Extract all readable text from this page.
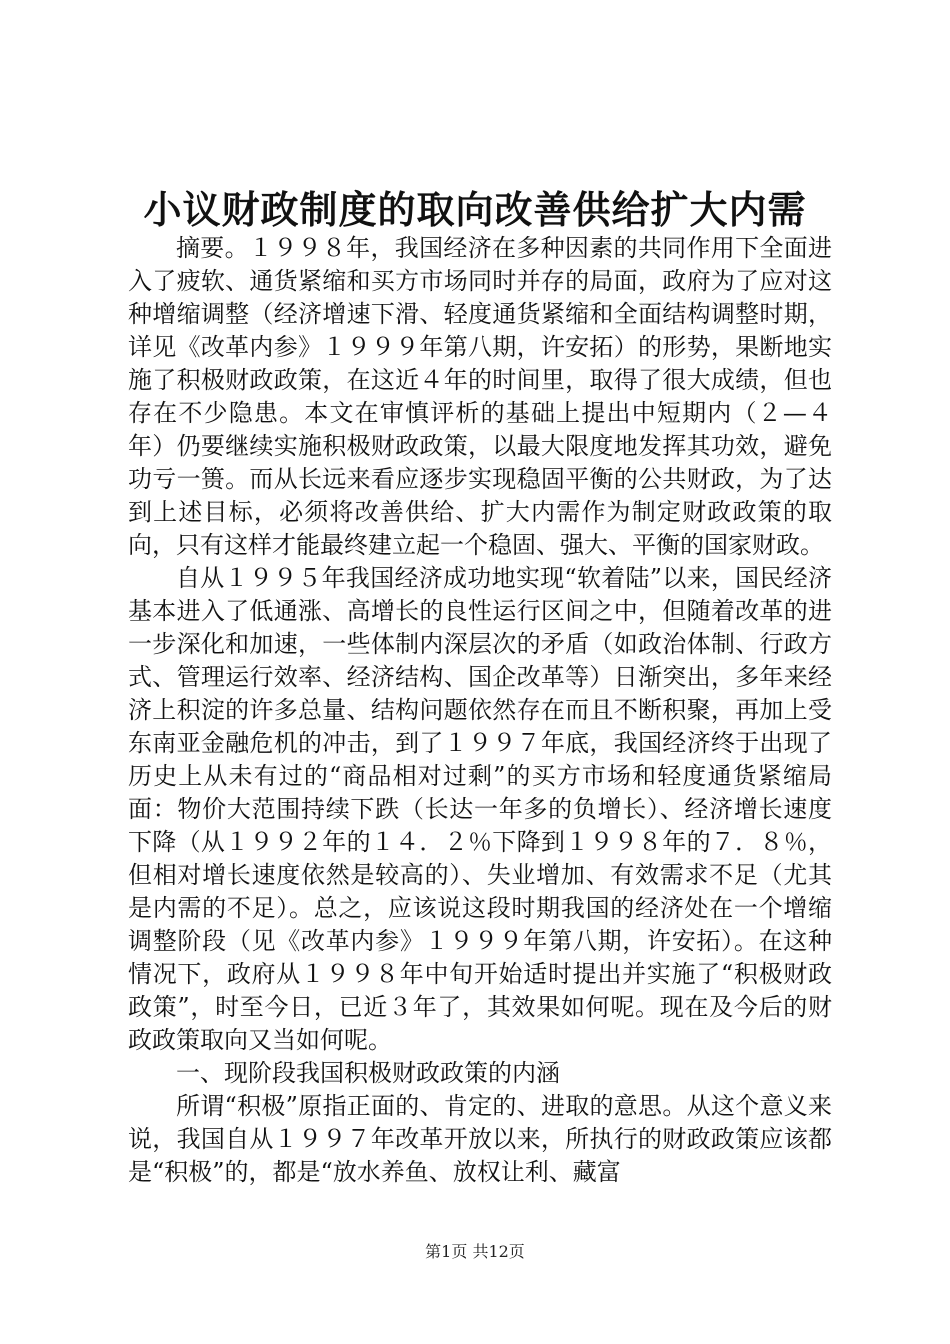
小议财政制度的取向改善供给扩大内需

摘要。１９９８年，我国经济在多种因素的共同作用下全面进入了疲软、通货紧缩和买方市场同时并存的局面，政府为了应对这种增缩调整（经济增速下滑、轻度通货紧缩和全面结构调整时期，详见《改革内参》１９９９年第八期，许安拓）的形势，果断地实施了积极财政政策，在这近４年的时间里，取得了很大成绩，但也存在不少隐患。本文在审慎评析的基础上提出中短期内（２—４年）仍要继续实施积极财政政策，以最大限度地发挥其功效，避免功亏一篑。而从长远来看应逐步实现稳固平衡的公共财政，为了达到上述目标，必须将改善供给、扩大内需作为制定财政政策的取向，只有这样才能最终建立起一个稳固、强大、平衡的国家财政。

自从１９９５年我国经济成功地实现“软着陆”以来，国民经济基本进入了低通涨、高增长的良性运行区间之中，但随着改革的进一步深化和加速，一些体制内深层次的矛盾（如政治体制、行政方式、管理运行效率、经济结构、国企改革等）日渐突出，多年来经济上积淀的许多总量、结构问题依然存在而且不断积聚，再加上受东南亚金融危机的冲击，到了１９９７年底，我国经济终于出现了历史上从未有过的“商品相对过剩”的买方市场和轻度通货紧缩局面：物价大范围持续下跌（长达一年多的负增长）、经济增长速度下降（从１９９２年的１４．２％下降到１９９８年的７．８％，但相对增长速度依然是较高的）、失业增加、有效需求不足（尤其是内需的不足）。总之，应该说这段时期我国的经济处在一个增缩调整阶段（见《改革内参》１９９９年第八期，许安拓）。在这种情况下，政府从１９９８年中旬开始适时提出并实施了“积极财政政策”，时至今日，已近３年了，其效果如何呢。现在及今后的财政政策取向又当如何呢。

一、现阶段我国积极财政政策的内涵

所谓“积极”原指正面的、肯定的、进取的意思。从这个意义来说，我国自从１９９７年改革开放以来，所执行的财政政策应该都是“积极”的，都是“放水养鱼、放权让利、藏富

第1页 共12页
